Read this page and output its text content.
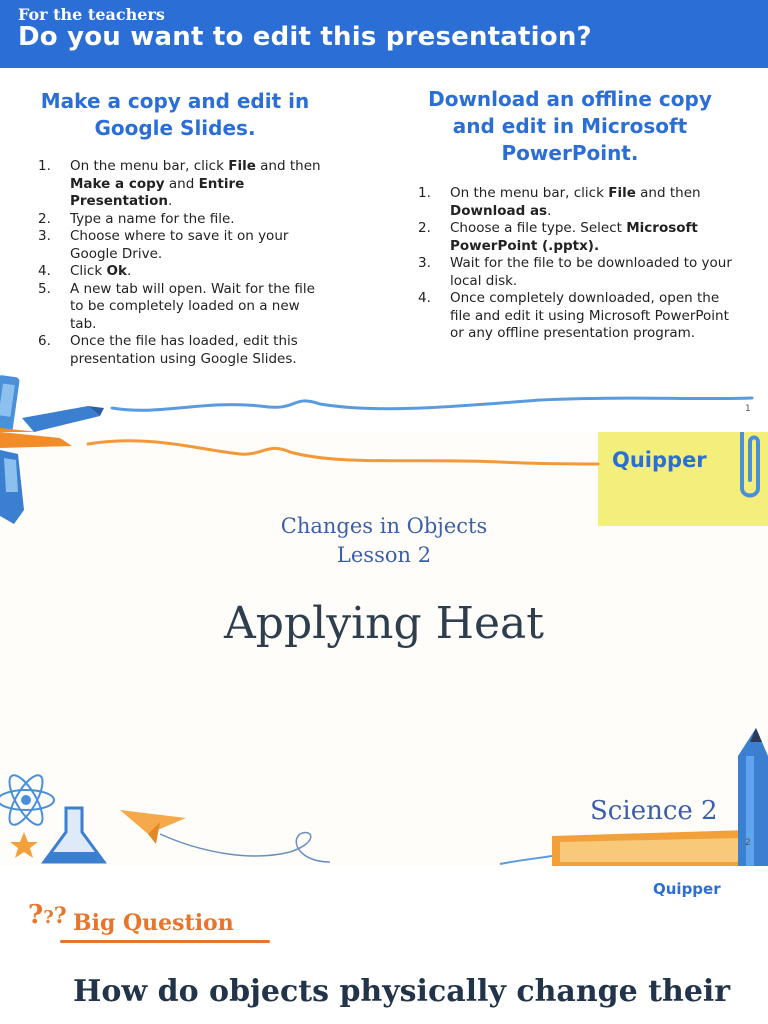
For the teachers
Do you want to edit this presentation?
Make a copy and edit in
Google Slides.
1. On the menu bar, click File and then Make a copy and Entire Presentation.
2. Type a name for the file.
3. Choose where to save it on your Google Drive.
4. Click Ok.
5. A new tab will open. Wait for the file to be completely loaded on a new tab.
6. Once the file has loaded, edit this presentation using Google Slides.
Download an offline copy
and edit in Microsoft
PowerPoint.
1. On the menu bar, click File and then Download as.
2. Choose a file type. Select Microsoft PowerPoint (.pptx).
3. Wait for the file to be downloaded to your local disk.
4. Once completely downloaded, open the file and edit it using Microsoft PowerPoint or any offline presentation program.
1
Quipper
Changes in Objects
Lesson 2
Applying Heat
Science 2
2
Quipper
??? Big Question
How do objects physically change their
